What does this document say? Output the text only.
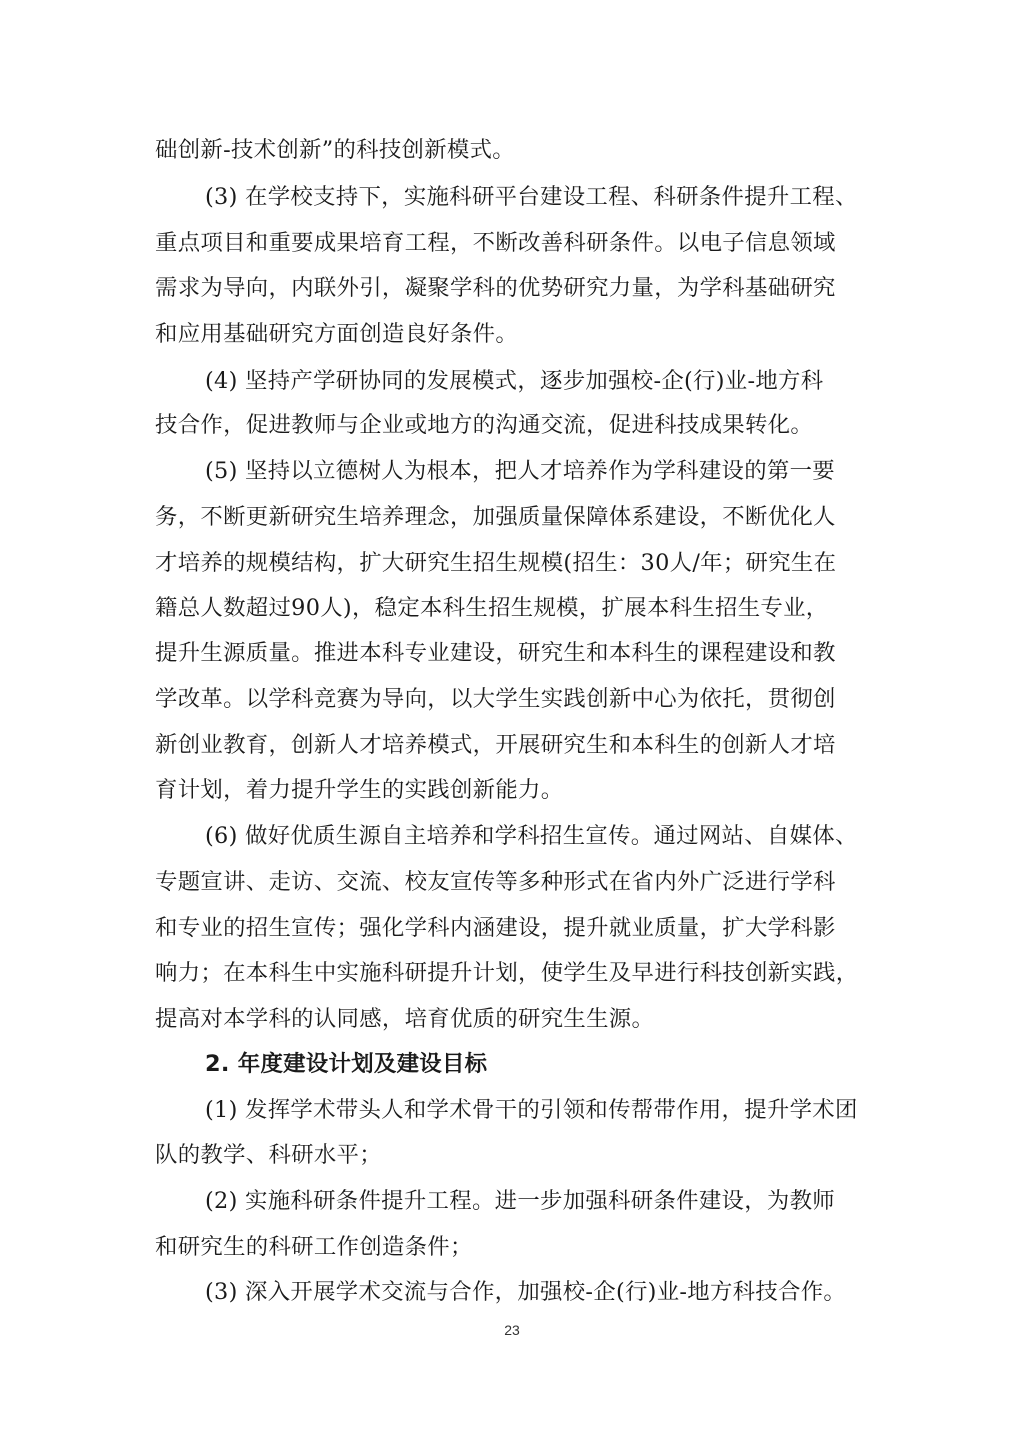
础创新-技术创新”的科技创新模式。
(3) 在学校支持下，实施科研平台建设工程、科研条件提升工程、
重点项目和重要成果培育工程，不断改善科研条件。以电子信息领域
需求为导向，内联外引，凝聚学科的优势研究力量，为学科基础研究
和应用基础研究方面创造良好条件。
(4) 坚持产学研协同的发展模式，逐步加强校-企(行)业-地方科
技合作，促进教师与企业或地方的沟通交流，促进科技成果转化。
(5) 坚持以立德树人为根本，把人才培养作为学科建设的第一要
务，不断更新研究生培养理念，加强质量保障体系建设，不断优化人
才培养的规模结构，扩大研究生招生规模(招生：30人/年；研究生在
籍总人数超过90人)，稳定本科生招生规模，扩展本科生招生专业，
提升生源质量。推进本科专业建设，研究生和本科生的课程建设和教
学改革。以学科竞赛为导向，以大学生实践创新中心为依托，贯彻创
新创业教育，创新人才培养模式，开展研究生和本科生的创新人才培
育计划，着力提升学生的实践创新能力。
(6) 做好优质生源自主培养和学科招生宣传。通过网站、自媒体、
专题宣讲、走访、交流、校友宣传等多种形式在省内外广泛进行学科
和专业的招生宣传；强化学科内涵建设，提升就业质量，扩大学科影
响力；在本科生中实施科研提升计划，使学生及早进行科技创新实践，
提高对本学科的认同感，培育优质的研究生生源。
2. 年度建设计划及建设目标
(1) 发挥学术带头人和学术骨干的引领和传帮带作用，提升学术团
队的教学、科研水平；
(2) 实施科研条件提升工程。进一步加强科研条件建设，为教师
和研究生的科研工作创造条件；
(3) 深入开展学术交流与合作，加强校-企(行)业-地方科技合作。
23
